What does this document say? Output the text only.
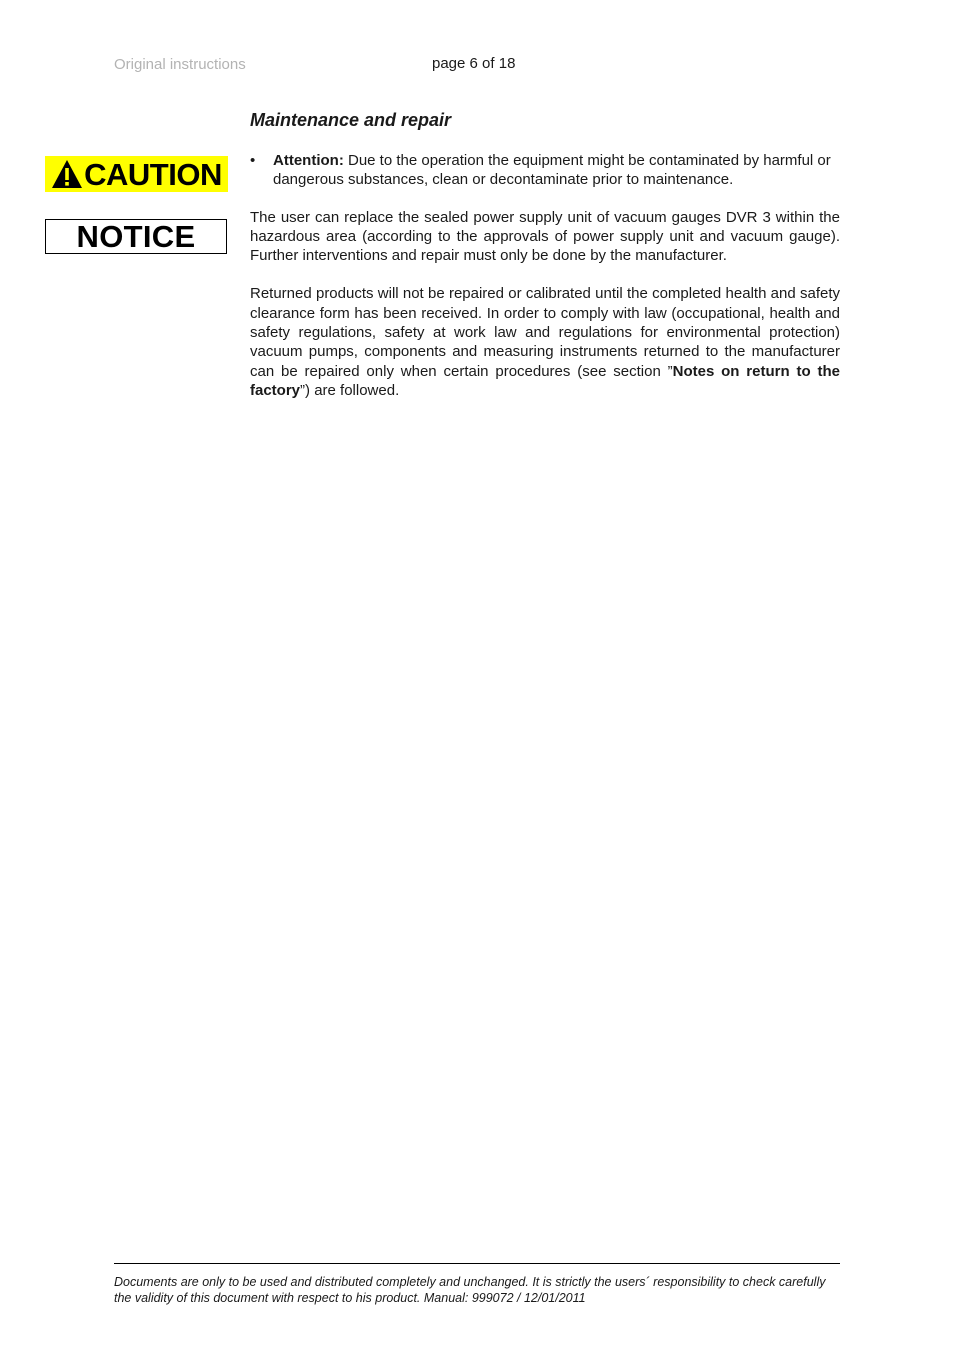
Original instructions	page 6 of 18
Maintenance and repair
CAUTION
NOTICE
• Attention: Due to the operation the equipment might be contaminated by harmful or dangerous substances, clean or decontaminate prior to maintenance.

The user can replace the sealed power supply unit of vacuum gauges DVR 3 within the hazardous area (according to the approvals of power supply unit and vacuum gauge). Further interventions and repair must only be done by the manufacturer.

Returned products will not be repaired or calibrated until the completed health and safety clearance form has been received. In order to comply with law (occupational, health and safety regulations, safety at work law and regulations for environmental protection) vacuum pumps, components and measuring instruments returned to the manufacturer can be repaired only when certain procedures (see section ”Notes on return to the factory”) are followed.

Documents are only to be used and distributed completely and unchanged. It is strictly the users´ responsibility to check carefully
the validity of this document with respect to his product. Manual: 999072 / 12/01/2011
